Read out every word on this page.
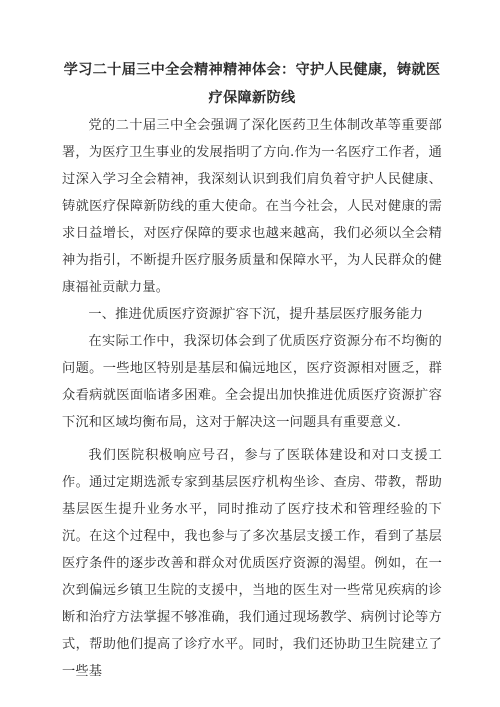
学习二十届三中全会精神精神体会：守护人民健康，铸就医疗保障新防线

党的二十届三中全会强调了深化医药卫生体制改革等重要部署，为医疗卫生事业的发展指明了方向.作为一名医疗工作者，通过深入学习全会精神，我深刻认识到我们肩负着守护人民健康、铸就医疗保障新防线的重大使命。在当今社会，人民对健康的需求日益增长，对医疗保障的要求也越来越高，我们必须以全会精神为指引，不断提升医疗服务质量和保障水平，为人民群众的健康福祉贡献力量。

一、推进优质医疗资源扩容下沉，提升基层医疗服务能力

在实际工作中，我深切体会到了优质医疗资源分布不均衡的问题。一些地区特别是基层和偏远地区，医疗资源相对匮乏，群众看病就医面临诸多困难。全会提出加快推进优质医疗资源扩容下沉和区域均衡布局，这对于解决这一问题具有重要意义.

我们医院积极响应号召，参与了医联体建设和对口支援工作。通过定期选派专家到基层医疗机构坐诊、查房、带教，帮助基层医生提升业务水平，同时推动了医疗技术和管理经验的下沉。在这个过程中，我也参与了多次基层支援工作，看到了基层医疗条件的逐步改善和群众对优质医疗资源的渴望。例如，在一次到偏远乡镇卫生院的支援中，当地的医生对一些常见疾病的诊断和治疗方法掌握不够准确，我们通过现场教学、病例讨论等方式，帮助他们提高了诊疗水平。同时，我们还协助卫生院建立了一些基
